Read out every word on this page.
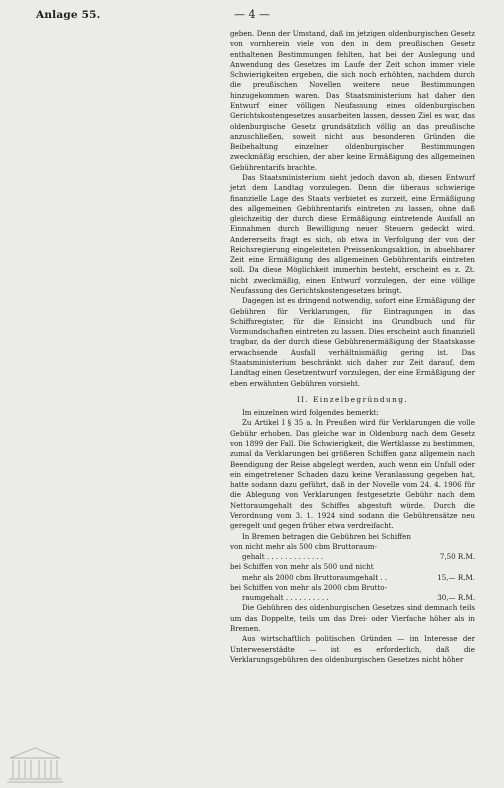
Anlage 55.	— 4 —

geben. Denn der Umstand, daß im jetzigen oldenburgischen Gesetz von vornherein viele von den in dem preußischen Gesetz enthaltenen Bestimmungen fehlten, hat bei der Auslegung und Anwendung des Gesetzes im Laufe der Zeit schon immer viele Schwierigkeiten ergeben, die sich noch erhöhten, nachdem durch die preußischen Novellen weitere neue Bestimmungen hinzugekommen waren. Das Staatsministerium hat daher den Entwurf einer völligen Neufassung eines oldenburgischen Gerichtskostengesetzes ausarbeiten lassen, dessen Ziel es war, das oldenburgische Gesetz grundsätzlich völlig an das preußische anzuschließen, soweit nicht aus besonderen Gründen die Beibehaltung einzelner oldenburgischer Bestimmungen zweckmäßig erschien, der aber keine Ermäßigung des allgemeinen Gebührentarifs brachte.

Das Staatsministerium sieht jedoch davon ab, diesen Entwurf jetzt dem Landtag vorzulegen. Denn die überaus schwierige finanzielle Lage des Staats verbietet es zurzeit, eine Ermäßigung des allgemeinen Gebührentarifs eintreten zu lassen, ohne daß gleichzeitig der durch diese Ermäßigung eintretende Ausfall an Einnahmen durch Bewilligung neuer Steuern gedeckt wird. Andererseits fragt es sich, ob etwa in Verfolgung der von der Reichsregierung eingeleiteten Preissenkungsaktion, in absehbarer Zeit eine Ermäßigung des allgemeinen Gebührentarifs eintreten soll. Da diese Möglichkeit immerhin besteht, erscheint es z. Zt. nicht zweckmäßig, einen Entwurf vorzulegen, der eine völlige Neufassung des Gerichtskostengesetzes bringt.

Dagegen ist es dringend notwendig, sofort eine Ermäßigung der Gebühren für Verklarungen, für Eintragungen in das Schiffsregister, für die Einsicht ins Grundbuch und für Vormundschaften eintreten zu lassen. Dies erscheint auch finanziell tragbar, da der durch diese Gebührenermäßigung der Staatskasse erwachsende Ausfall verhältnismäßig gering ist. Das Staatsministerium beschränkt sich daher zur Zeit darauf, dem Landtag einen Gesetzentwurf vorzulegen, der eine Ermäßigung der eben erwähnten Gebühren vorsieht.

II. Einzelbegründung.

Im einzelnen wird folgendes bemerkt:

Zu Artikel I § 35 a. In Preußen wird für Verklarungen die volle Gebühr erhoben. Das gleiche war in Oldenburg nach dem Gesetz von 1899 der Fall. Die Schwierigkeit, die Wertklasse zu bestimmen, zumal da Verklarungen bei größeren Schiffen ganz allgemein nach Beendigung der Reise abgelegt werden, auch wenn ein Unfall oder ein eingetretener Schaden dazu keine Veranlassung gegeben hat, hatte sodann dazu geführt, daß in der Novelle vom 24. 4. 1906 für die Ablegung von Verklarungen festgesetzte Gebühr nach dem Nettoraumgehalt des Schiffes abgestuft würde. Durch die Verordnung vom 3. 1. 1924 sind sodann die Gebührensätze neu geregelt und gegen früher etwa verdreifacht.

In Bremen betragen die Gebühren bei Schiffen

von nicht mehr als 500 cbm Bruttoraum-
gehalt . . . . . . . . . . . . .	7,50 R.M.
bei Schiffen von mehr als 500 und nicht
mehr als 2000 cbm Bruttoraumgehalt . .	15,— R.M.
bei Schiffen von mehr als 2000 cbm Brutto-
raumgehalt . . . . . . . . . .	30,— R.M.

Die Gebühren des oldenburgischen Gesetzes sind demnach teils um das Doppelte, teils um das Drei- oder Vierfache höher als in Bremen.

Aus wirtschaftlich politischen Gründen — im Interesse der Unterweserstädte — ist es erforderlich, daß die Verklarungsgebühren des oldenburgischen Gesetzes nicht höher
